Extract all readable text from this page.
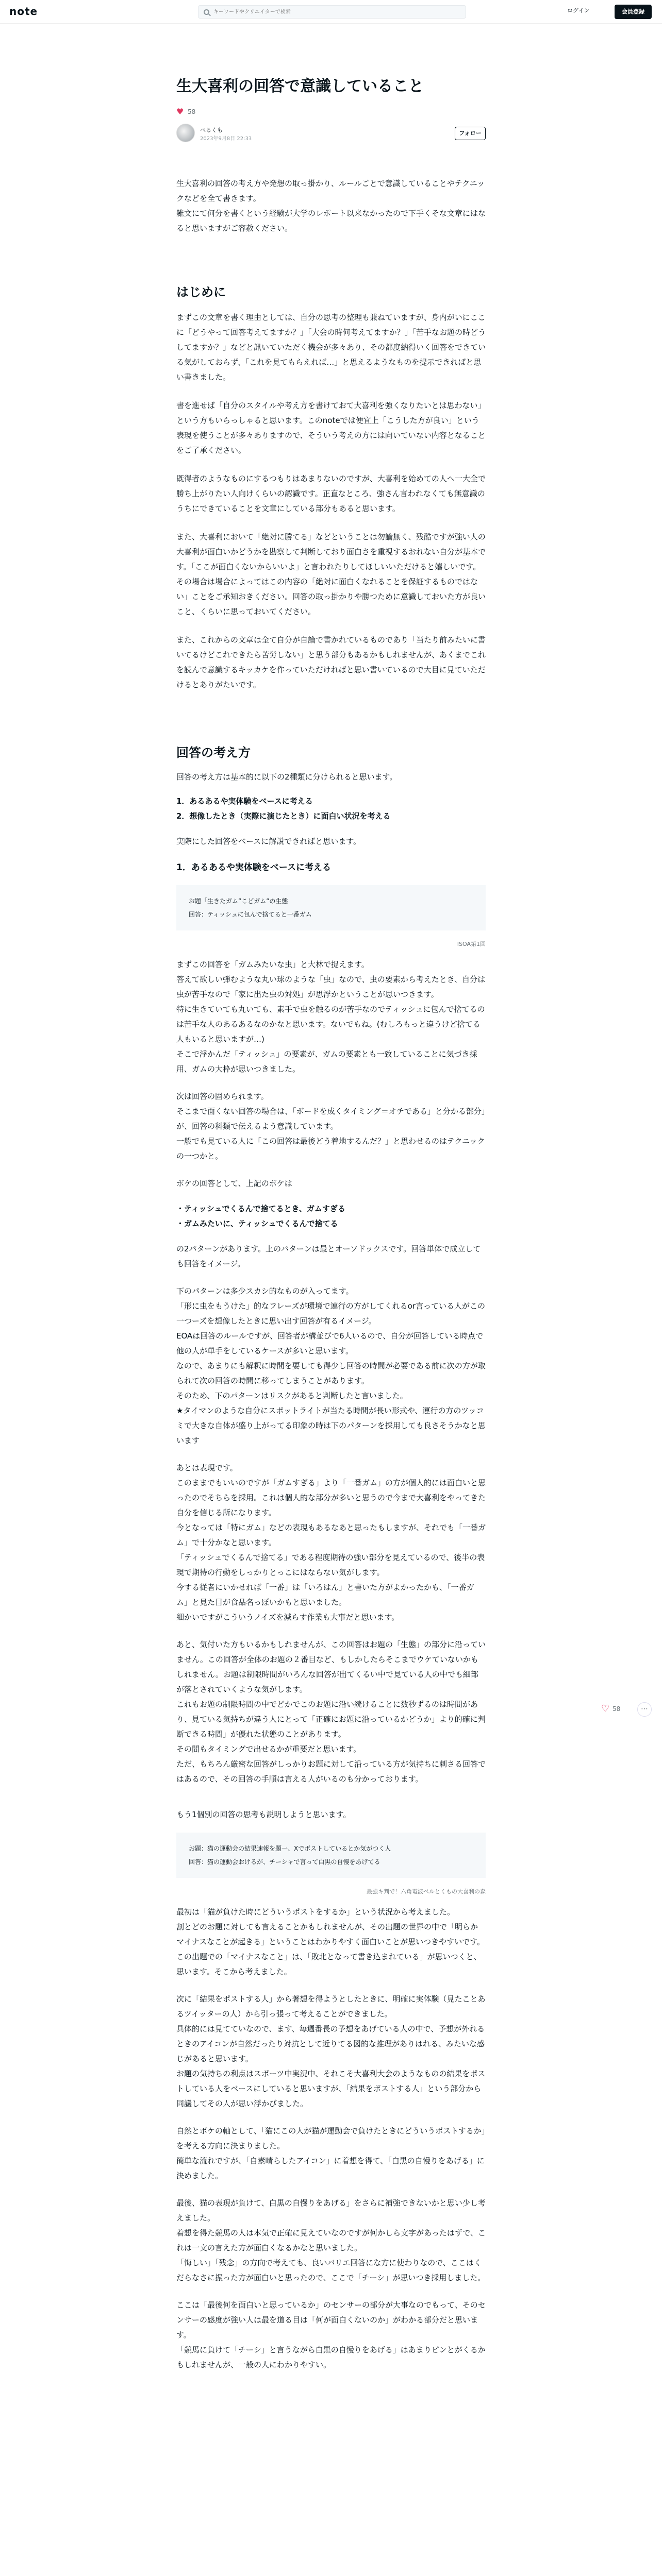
note
キーワードやクリエイターで検索	ログイン	会員登録
生大喜利の回答で意識していること
♥ 58
べるくも
2023年9月8日 22:33
フォロー

生大喜利の回答の考え方や発想の取っ掛かり、ルールごとで意識していることやテクニックなどを全て書きます。

雑文にて何分を書くという経験が大学のレポート以来なかったので下手くそな文章にはなると思いますがご容赦ください。

はじめに

まずこの文章を書く理由としては、自分の思考の整理も兼ねていますが、身内がいにここに「どうやって回答考えてますか？」「大会の時何考えてますか？」「苦手なお題の時どうしてますか？」などと訊いていただく機会が多々あり、その都度納得いく回答をできている気がしておらず、「これを見てもらえれば…」と思えるようなものを提示できればと思い書きました。

書を進せば「自分のスタイルや考え方を書けておて大喜利を強くなりたいとは思わない」という方もいらっしゃると思います。このnoteでは便宜上「こうした方が良い」という表現を使うことが多々ありますので、そういう考えの方には向いていない内容となることをご了承ください。

既得者のようなものにするつもりはあまりないのですが、大喜利を始めての人へ一大全で勝ち上がりたい人向けくらいの認識です。正直なところ、強さん言われなくても無意識のうちにできていることを文章にしている部分もあると思います。

また、大喜利において「絶対に勝てる」などということは勿論無く、残酷ですが強い人の大喜利が面白いかどうかを勘察して判断しており面白さを重視するおれない自分が基本です。「ここが面白くないからいいよ」と言われたりしてほしいいただけると嬉しいです。その場合は場合によってはこの内容の「絶対に面白くなれることを保証するものではない」ことをご承知おきください。回答の取っ掛かりや勝つために意識しておいた方が良いこと、くらいに思っておいてください。

また、これからの文章は全て自分が自論で書かれているものであり「当たり前みたいに書いてるけどこれできたら苦労しない」と思う部分もあるかもしれませんが、あくまでこれを読んで意識するキッカケを作っていただければと思い書いているので大目に見ていただけるとありがたいです。

回答の考え方

回答の考え方は基本的に以下の2種類に分けられると思います。

1．あるあるや実体験をベースに考える
2．想像したとき（実際に演じたとき）に面白い状況を考える

実際にした回答をベースに解説できればと思います。

1．あるあるや実体験をベースに考える
お題「生きたガム”こどガム”の生態
回答：ティッシュに包んで捨てると一番ガム
ISOA第1回

まずこの回答を「ガムみたいな虫」と大林で捉えます。

答えて欲しい弾むような丸い球のような「虫」なので、虫の要素から考えたとき、自分は虫が苦手なので「家に出た虫の対処」が思浮かということが思いつきます。

特に生きていても丸いても、素手で虫を触るのが苦手なのでティッシュに包んで捨てるのは苦手な人のあるあるなのかなと思います。ないでもね。(むしろもっと違うけど捨てる人もいると思いますが…)

そこで浮かんだ「ティッシュ」の要素が、ガムの要素とも一致していることに気づき採用、ガムの大枠が思いつきました。

次は回答の固められます。

そこまで面くない回答の場合は、「ボードを成くタイミング＝オチである」と分かる部分」が、回答の科類で伝えるよう意識しています。

一般でも見ている人に「この回答は最後どう着地するんだ？」と思わせるのはテクニックの一つかと。

ボケの回答として、上記のボケは

・ティッシュでくるんで捨てるとき、ガムすぎる
・ガムみたいに、ティッシュでくるんで捨てる

の2パターンがあります。上のパターンは最とオーソドックスです。回答単体で成立しても回答をイメージ。

下のパターンは多少スカシ的なものが入ってます。

「形に虫をもうけた」的なフレーズが環境で連行の方がしてくれるor言っている人がこの一つーズを想像したときに思い出す回答が有るイメージ。

EOAは回答のルールですが、回答者が構並びで6人いるので、自分が回答している時点で他の人が単手をしているケースが多いと思います。

なので、あまりにも解釈に時間を要しても得少し回答の時間が必要である前に次の方が取られて次の回答の時間に移ってしまうことがあります。

そのため、下のパターンはリスクがあると判断したと言いました。

★タイマンのような自分にスポットライトが当たる時間が長い形式や、運行の方のツッコミで大きな自体が盛り上がってる印象の時は下のパターンを採用しても良さそうかなと思います

あとは表現です。

このままでもいいのですが「ガムすぎる」より「一番ガム」の方が個人的には面白いと思ったのでそちらを採用。これは個人的な部分が多いと思うので今まで大喜利をやってきた自分を信じる所になります。

今となっては「特にガム」などの表現もあるなあと思ったもしますが、それでも「一番ガム」で十分かなと思います。

「ティッシュでくるんで捨てる」である程度期待の強い部分を見えているので、後半の表現で期待の行動をしっかりとっこにはならない気がします。

今する従者にいかせれば「一番」は「いろはん」と書いた方がよかったかも、「一番ガム」と見た目が食品名っぽいかもと思いました。

細かいですがこういうノイズを減らす作業も大事だと思います。

あと、気付いた方もいるかもしれませんが、この回答はお題の「生態」の部分に沿っていません。この回答が全体のお題の２番目など、もしかしたらそこまでウケていないかもしれません。お題は制限時間がいろんな回答が出てくるい中で見ている人の中でも細部が落とされていくような気がします。

これもお題の制限時間の中でどかでこのお題に沿い続けることに数秒ずるのは時間があり、見ている気持ちが違う人にとって「正確にお題に沿っているかどうか」より的確に判断できる時間」が優れた状態のことがあります。

その間もタイミングで出せるかが重要だと思います。

ただ、もちろん厳密な回答がしっかりお題に対して沿っている方が気持ちに刺さる回答ではあるので、その回答の手順は言える人がいるのも分かっております。

もう1個別の回答の思考も説明しようと思います。

お題：猫の運動会の結果速報を題一、Xでポストしているとか気がつく人
回答：猫の運動会おけるが、チーシャで言って白黒の自慢をあげてる
最強キ判で！六角電波ベルとくもの大喜利の森

最初は「猫が負けた時にどういうポストをするか」という状況から考えました。

割とどのお題に対しても言えることかもしれませんが、その出題の世界の中で「明らかマイナスなことが起きる」ということはわかりやすく面白いことが思いつきやすいです。

この出題での「マイナスなこと」は、「敗北となって書き込まれている」が思いつくと、思います。そこから考えました。

次に「結果をポストする人」から著想を得ようとしたときに、明確に実体験（見たことあるツイッターの人）から引っ張って考えることができました。

具体的には見てていなので、ます、毎週番長の予想をあげている人の中で、予想が外れるときのアイコンが自然だったり対抗として近りてる図的な推理がありはれる、みたいな感じがあると思います。

お題の気持ちの利点はスポーツ中実況中、それこそ大喜利大会のようなものの結果をポストしている人をベースにしていると思いますが、「結果をポストする人」という部分から同議してその人が思い浮かびました。

自然とボケの軸として、「猫にこの人が猫が運動会で負けたときにどういうポストするか」を考える方向に決まりました。

簡単な流れですが、「自素晴らしたアイコン」に着想を得て、「白黒の自慢りをあげる」に決めました。

最後、猫の表現が負けて、白黒の自慢りをあげる」をさらに補強できないかと思い少し考えました。

着想を得た競馬の人は本気で正確に見えていなのですが何かしら文字があったはずで、これは一文の言えた方が面白くなるかなと思いました。

「悔しい」「残念」の方向で考えても、良いバリエ回答にな方に使わりなので、ここはくだらなさに振った方が面白いと思ったので、ここで「チーシ」が思いつき採用しました。

ここは「最後何を面白いと思っているか」のセンサーの部分が大事なのでもって、そのセンサーの感度が強い人は最を道る目は「何が面白くないのか」がわかる部分だと思います。

「競馬に負けて「チーシ」と言うながら白黒の自慢りをあげる」はあまりピンとがくるかもしれませんが、一般の人にわかりやすい。

♡ 58	⋯
